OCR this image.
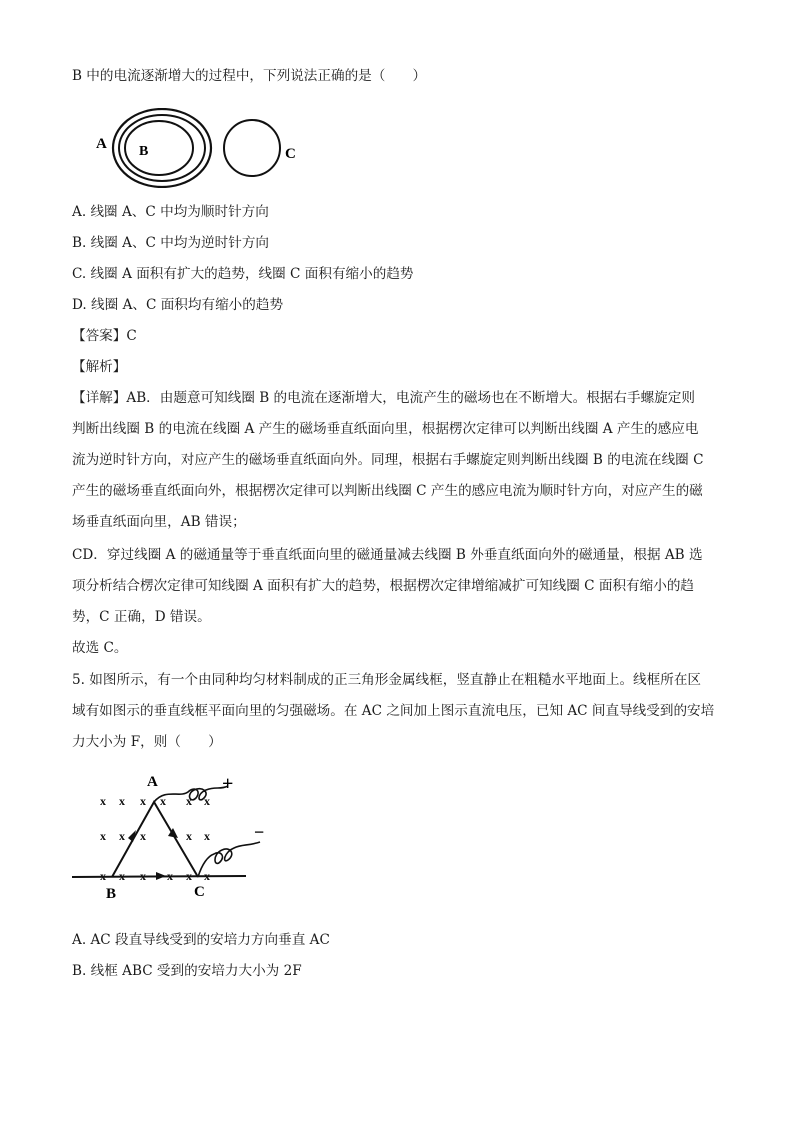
B 中的电流逐渐增大的过程中，下列说法正确的是（　　）
A B	C
A. 线圈 A、C 中均为顺时针方向
B. 线圈 A、C 中均为逆时针方向
C. 线圈 A 面积有扩大的趋势，线圈 C 面积有缩小的趋势
D. 线圈 A、C 面积均有缩小的趋势
【答案】C
【解析】
【详解】AB．由题意可知线圈 B 的电流在逐渐增大，电流产生的磁场也在不断增大。根据右手螺旋定则
判断出线圈 B 的电流在线圈 A 产生的磁场垂直纸面向里，根据楞次定律可以判断出线圈 A 产生的感应电
流为逆时针方向，对应产生的磁场垂直纸面向外。同理，根据右手螺旋定则判断出线圈 B 的电流在线圈 C
产生的磁场垂直纸面向外，根据楞次定律可以判断出线圈 C 产生的感应电流为顺时针方向，对应产生的磁
场垂直纸面向里，AB 错误；
CD．穿过线圈 A 的磁通量等于垂直纸面向里的磁通量减去线圈 B 外垂直纸面向外的磁通量，根据 AB 选
项分析结合楞次定律可知线圈 A 面积有扩大的趋势，根据楞次定律增缩减扩可知线圈 C 面积有缩小的趋
势，C 正确，D 错误。
故选 C。
5. 如图所示，有一个由同种均匀材料制成的正三角形金属线框，竖直静止在粗糙水平地面上。线框所在区
域有如图示的垂直线框平面向里的匀强磁场。在 AC 之间加上图示直流电压，已知 AC 间直导线受到的安培
力大小为 F，则（　　）
x x x x x x
x x x	x x
x x x x x x
A
B	C
+
−
A. AC 段直导线受到的安培力方向垂直 AC
B. 线框 ABC 受到的安培力大小为 2F
